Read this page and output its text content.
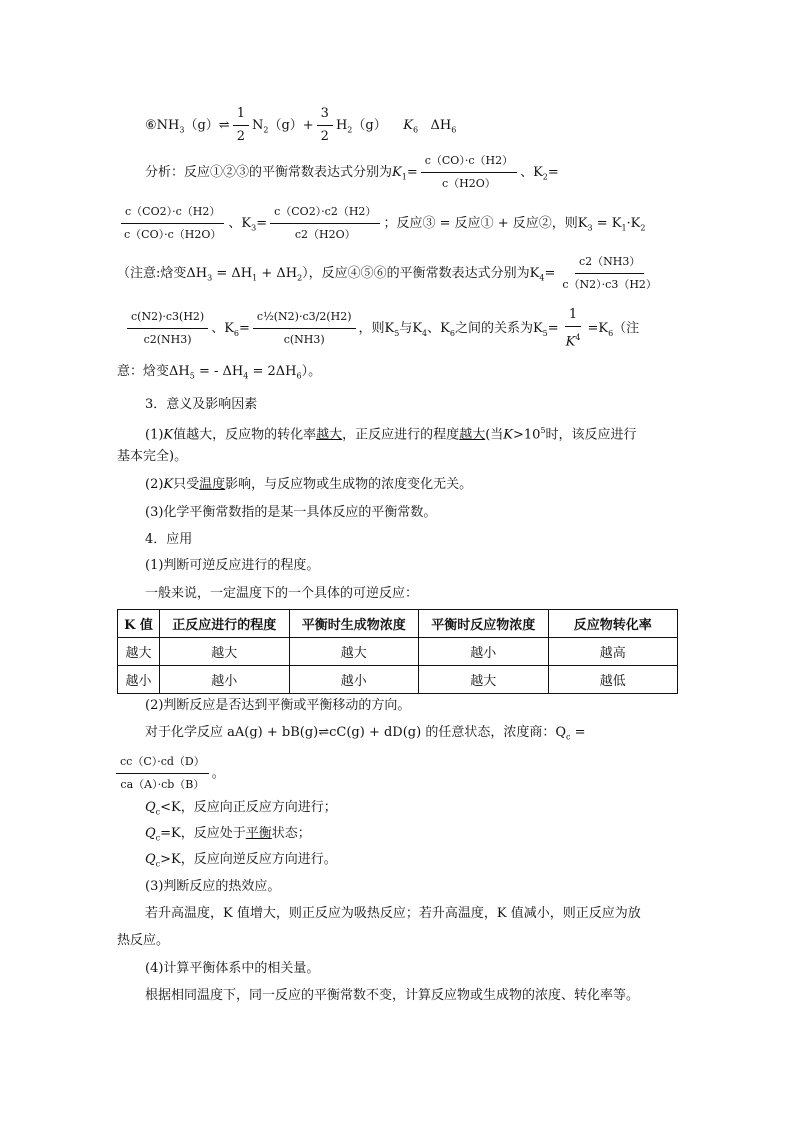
$⑥NH_3(g)\rightleftharpoons \frac{1}{2} N_2(g)+ \frac{3}{2} H_2(g)$ $K_6$ $\Delta H_6$
分析：反应①②③的平衡常数表达式分别为$K_1= \frac{c(CO)\cdot c(H2)}{c(H2O)}$ 、$K_2=$
$\frac{c(CO2)\cdot c(H2)}{c(CO)\cdot c(H2O)}$ 、$K_3= \frac{c(CO2)\cdot c2(H2)}{c2(H2O)}$ ；反应③ = 反应① + 反应②，则$K_3 = K_1\cdot K_2$
（注意:焓变$\Delta H_3 = \Delta H_1 + \Delta H_2$），反应④⑤⑥的平衡常数表达式分别为$K_4= \frac{c2(NH3)}{c(N2)\cdot c3(H2)}$
$\frac{c(N2)\cdot c3(H2)}{c2(NH3)}$ 、$K_6= \frac{\text{c½(N2)·c3/2(H2)}}{c(NH3)}$ ，则$K_5$与$K_4$、$K_6$之间的关系为$K_5= \frac{1}{K^4} =K_6$（注
意：焓变$\Delta H_5$ = - $\Delta H_4 = 2\Delta H_6$）。
3．意义及影响因素
(1)K值越大，反应物的转化率越大，正反应进行的程度越大(当$K>10^5$时，该反应进行
基本完全)。
(2)K只受温度影响，与反应物或生成物的浓度变化无关。
(3)化学平衡常数指的是某一具体反应的平衡常数。
4．应用
(1)判断可逆反应进行的程度。
一般来说，一定温度下的一个具体的可逆反应：
K 值	正反应进行的程度	平衡时生成物浓度	平衡时反应物浓度	反应物转化率
越大	越大	越大	越小	越高
越小	越小	越小	越大	越低
(2)判断反应是否达到平衡或平衡移动的方向。
对于化学反应 aA(g) + bB(g)⇌cC(g) + dD(g) 的任意状态，浓度商：$Q_c$ =
$\frac{cc(C)\cdot cd(D)}{ca(A)\cdot cb(B)}$ 。
$Q_c<K$，反应向正反应方向进行；
$Q_c=K$，反应处于平衡状态；
$Q_c>K$，反应向逆反应方向进行。
(3)判断反应的热效应。
若升高温度，K 值增大，则正反应为吸热反应；若升高温度，K 值减小，则正反应为放
热反应。
(4)计算平衡体系中的相关量。
根据相同温度下，同一反应的平衡常数不变，计算反应物或生成物的浓度、转化率等。
